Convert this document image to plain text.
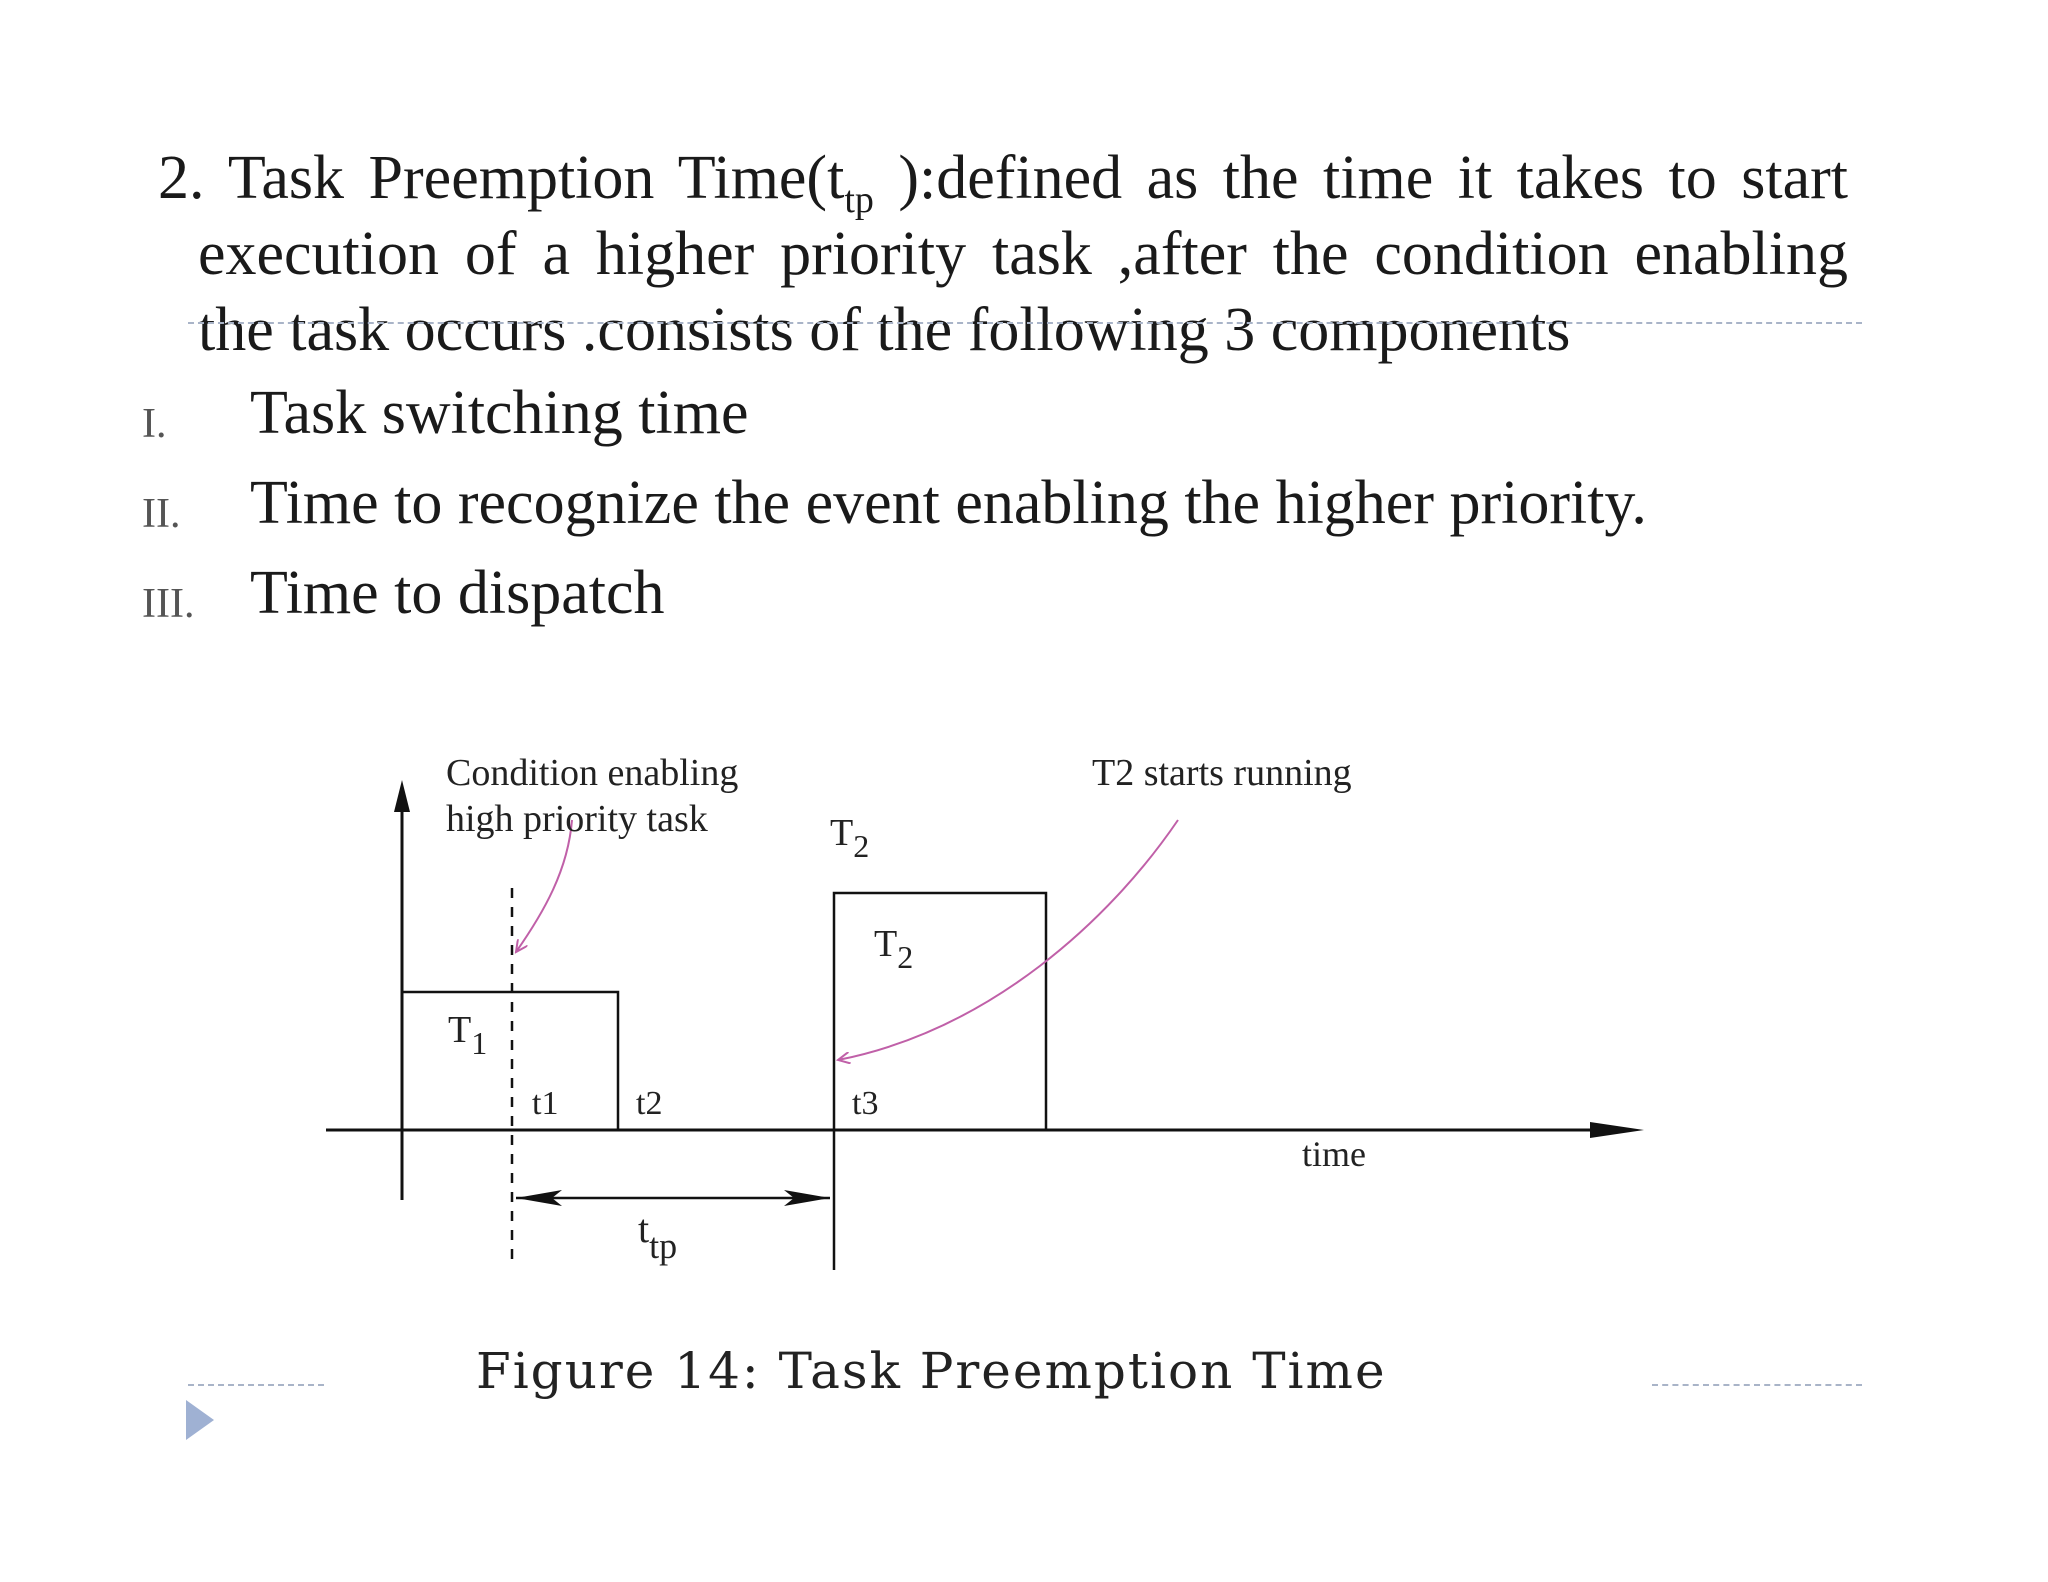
2. Task Preemption $Time(t_{tp}$ ):defined as the time it takes to start
execution of a higher priority task ,after the condition enabling
the task occurs .consists of the following 3 components
I. Task switching time
II. Time to recognize the event enabling the higher priority.
III. Time to dispatch
Condition enabling
high priority task	$T_2$
T2 starts running
$T_2$
$T_1$
t1 t2	t3
time
ttp
Figure 14: Task Preemption Time
